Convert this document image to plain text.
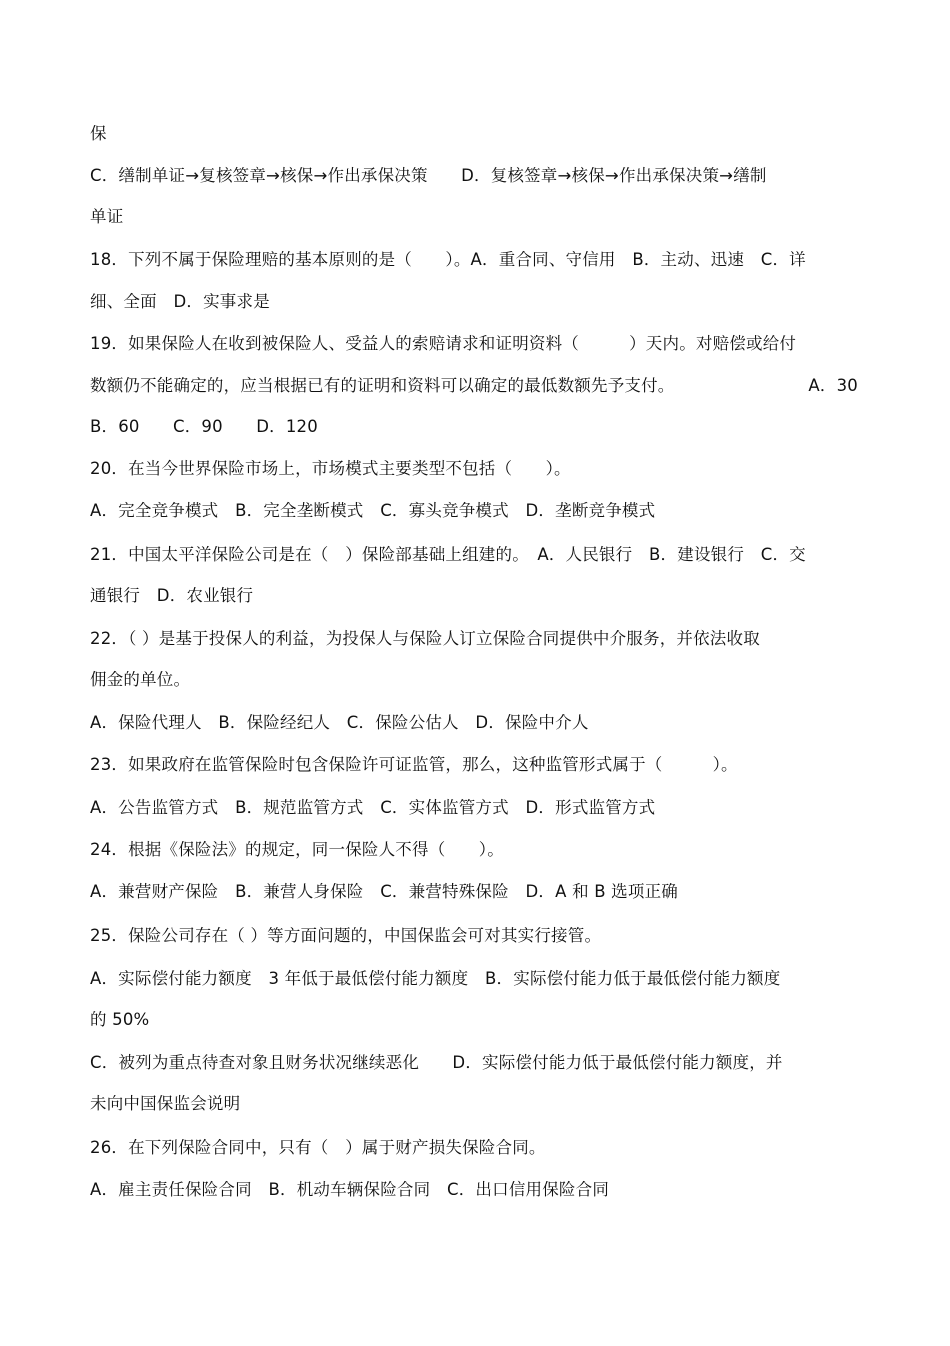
保
C．缮制单证→复核签章→核保→作出承保决策　　D．复核签章→核保→作出承保决策→缮制
单证
18．下列不属于保险理赔的基本原则的是（　　）。A．重合同、守信用　B．主动、迅速　C．详
细、全面　D．实事求是
19．如果保险人在收到被保险人、受益人的索赔请求和证明资料（　　　）天内。对赔偿或给付
数额仍不能确定的，应当根据已有的证明和资料可以确定的最低数额先予支付。	A．30
B．60　　C．90　　D．120
20．在当今世界保险市场上，市场模式主要类型不包括（　　）。
A．完全竞争模式　B．完全垄断模式　C．寡头竞争模式　D．垄断竞争模式
21．中国太平洋保险公司是在（　）保险部基础上组建的。　A．人民银行　B．建设银行　C．交
通银行　D．农业银行
22．（ ）是基于投保人的利益，为投保人与保险人订立保险合同提供中介服务，并依法收取
佣金的单位。
A．保险代理人　B．保险经纪人　C．保险公估人　D．保险中介人
23．如果政府在监管保险时包含保险许可证监管，那么，这种监管形式属于（　　　）。
A．公告监管方式　B．规范监管方式　C．实体监管方式　D．形式监管方式
24．根据《保险法》的规定，同一保险人不得（　　）。
A．兼营财产保险　B．兼营人身保险　C．兼营特殊保险　D．A 和 B 选项正确
25．保险公司存在（ ）等方面问题的，中国保监会可对其实行接管。
A．实际偿付能力额度　3 年低于最低偿付能力额度　B．实际偿付能力低于最低偿付能力额度
的 50%
C．被列为重点待查对象且财务状况继续恶化　　D．实际偿付能力低于最低偿付能力额度，并
未向中国保监会说明
26．在下列保险合同中，只有（　）属于财产损失保险合同。
A．雇主责任保险合同　B．机动车辆保险合同　C．出口信用保险合同
